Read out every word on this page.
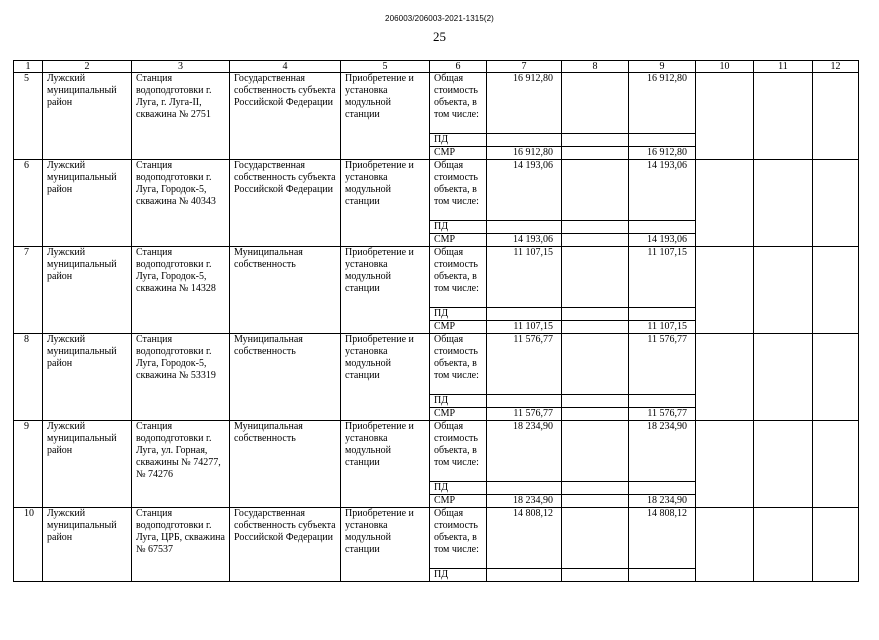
206003/206003-2021-1315(2)
25
1	2	3	4	5	6	7	8	9	10	11	12
5	Лужский муниципальный район	Станция водоподготовки г. Луга, г. Луга-II, скважина № 2751	Государственная собственность субъекта Российской Федерации	Приобретение и установка модульной станции	Общая стоимость объекта, в том числе:	16 912,80		16 912,80			
					ПД						
					СМР	16 912,80		16 912,80			
6	Лужский муниципальный район	Станция водоподготовки г. Луга, Городок-5, скважина № 40343	Государственная собственность субъекта Российской Федерации	Приобретение и установка модульной станции	Общая стоимость объекта, в том числе:	14 193,06		14 193,06			
					ПД						
					СМР	14 193,06		14 193,06			
7	Лужский муниципальный район	Станция водоподготовки г. Луга, Городок-5, скважина № 14328	Муниципальная собственность	Приобретение и установка модульной станции	Общая стоимость объекта, в том числе:	11 107,15		11 107,15			
					ПД						
					СМР	11 107,15		11 107,15			
8	Лужский муниципальный район	Станция водоподготовки г. Луга, Городок-5, скважина № 53319	Муниципальная собственность	Приобретение и установка модульной станции	Общая стоимость объекта, в том числе:	11 576,77		11 576,77			
					ПД						
					СМР	11 576,77		11 576,77			
9	Лужский муниципальный район	Станция водоподготовки г. Луга, ул. Горная, скважины № 74277, № 74276	Муниципальная собственность	Приобретение и установка модульной станции	Общая стоимость объекта, в том числе:	18 234,90		18 234,90			
					ПД						
					СМР	18 234,90		18 234,90			
10	Лужский муниципальный район	Станция водоподготовки г. Луга, ЦРБ, скважина № 67537	Государственная собственность субъекта Российской Федерации	Приобретение и установка модульной станции	Общая стоимость объекта, в том числе:	14 808,12		14 808,12			
					ПД						
